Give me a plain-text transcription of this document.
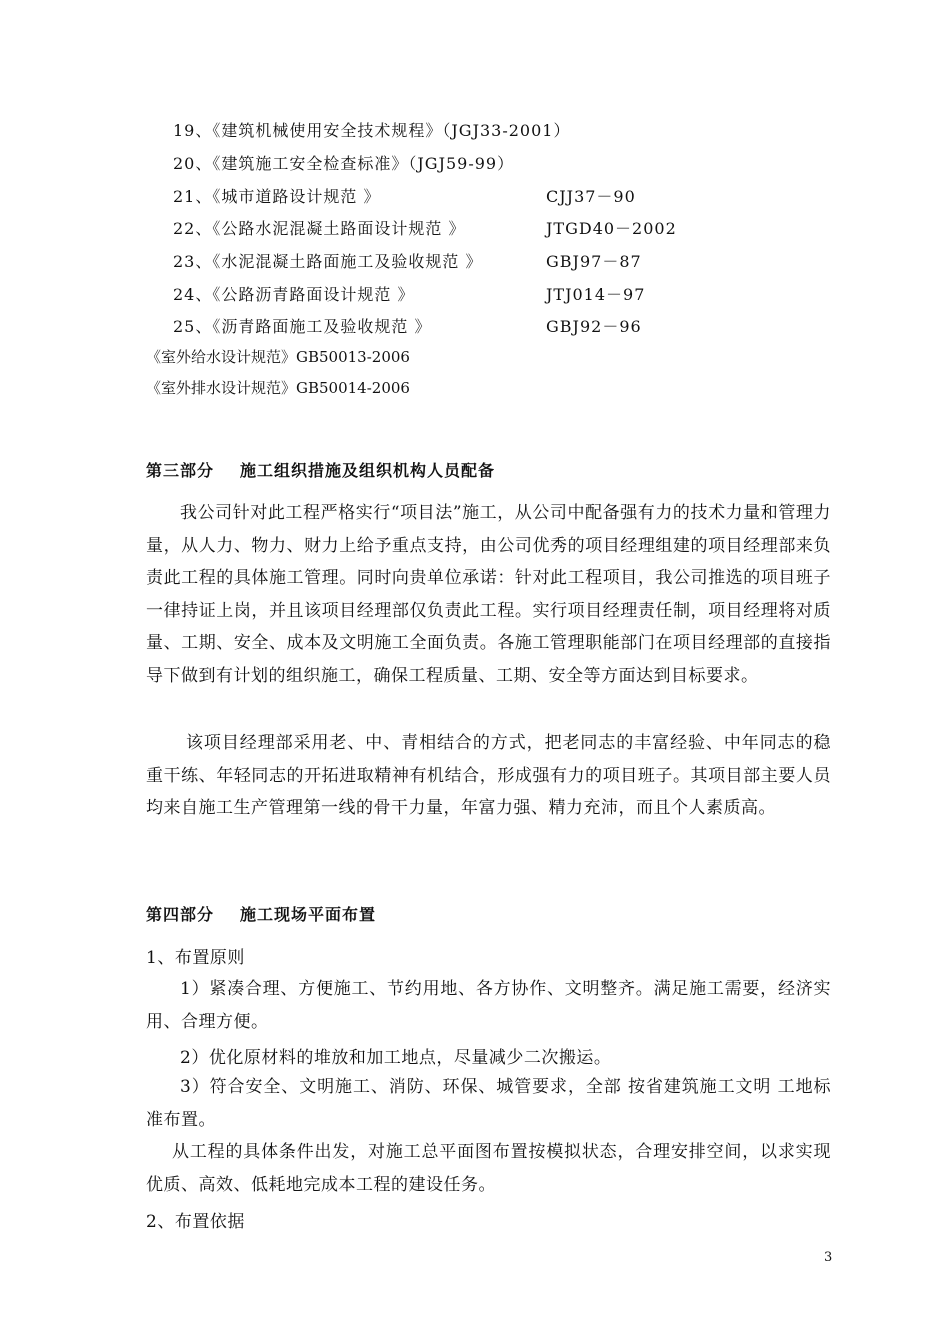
19、《建筑机械使用安全技术规程》（JGJ33-2001）
20、《建筑施工安全检查标准》（JGJ59-99）
21、《城市道路设计规范 》	CJJ37－90
22、《公路水泥混凝土路面设计规范 》	JTGD40－2002
23、《水泥混凝土路面施工及验收规范 》	GBJ97－87
24、《公路沥青路面设计规范 》	JTJ014－97
25、《沥青路面施工及验收规范 》	GBJ92－96
《室外给水设计规范》GB50013-2006
《室外排水设计规范》GB50014-2006
第三部分 施工组织措施及组织机构人员配备
我公司针对此工程严格实行“项目法”施工，从公司中配备强有力的技术力量和管理力量，从人力、物力、财力上给予重点支持，由公司优秀的项目经理组建的项目经理部来负责此工程的具体施工管理。同时向贵单位承诺：针对此工程项目，我公司推选的项目班子一律持证上岗，并且该项目经理部仅负责此工程。实行项目经理责任制，项目经理将对质量、工期、安全、成本及文明施工全面负责。各施工管理职能部门在项目经理部的直接指导下做到有计划的组织施工，确保工程质量、工期、安全等方面达到目标要求。
该项目经理部采用老、中、青相结合的方式，把老同志的丰富经验、中年同志的稳重干练、年轻同志的开拓进取精神有机结合，形成强有力的项目班子。其项目部主要人员均来自施工生产管理第一线的骨干力量，年富力强、精力充沛，而且个人素质高。
第四部分 施工现场平面布置
1、布置原则
1）紧凑合理、方便施工、节约用地、各方协作、文明整齐。满足施工需要，经济实用、合理方便。
2）优化原材料的堆放和加工地点，尽量减少二次搬运。
3）符合安全、文明施工、消防、环保、城管要求，全部 按省建筑施工文明 工地标准布置。
从工程的具体条件出发，对施工总平面图布置按模拟状态，合理安排空间，以求实现优质、高效、低耗地完成本工程的建设任务。
2、布置依据
3
